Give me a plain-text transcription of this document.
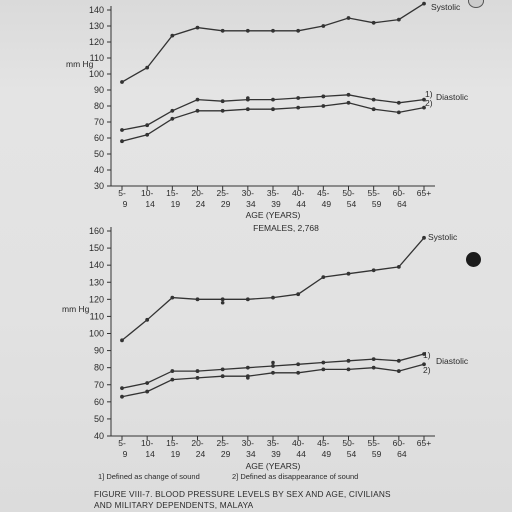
30
40
50
60
70
80
90
100
110
120
130
140
5-
9
10-
14
15-
19
20-
24
25-
29
30-
34
35-
39
40-
44
45-
49
50-
54
55-
59
60-
64
65+
AGE (YEARS)
mm Hg
Systolic
1) Diastolic
2)
40
50
60
70
80
90
100
110
120
130
140
150
160
5-
9
10-
14
15-
19
20-
24
25-
29
30-
34
35-
39
40-
44
45-
49
50-
54
55-
59
60-
64
65+
AGE (YEARS)
mm Hg
FEMALES, 2,768
Systolic
1)
Diastolic
2)
1] Defined as change of sound	2] Defined as disappearance of sound
FIGURE VIII-7. BLOOD PRESSURE LEVELS BY SEX AND AGE, CIVILIANS
AND MILITARY DEPENDENTS, MALAYA
